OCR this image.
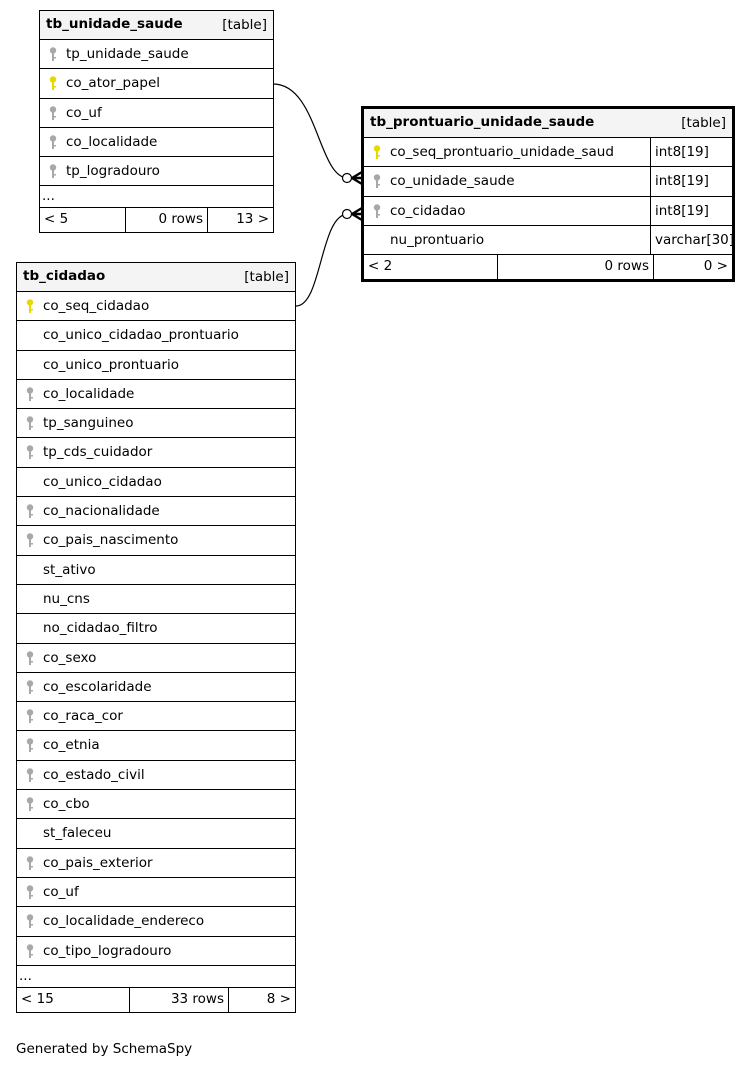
tb_unidade_saude	[table]
tp_unidade_saude
co_ator_papel
co_uf
co_localidade
tp_logradouro
...
< 5	0 rows	13 >
tb_prontuario_unidade_saude	[table]
co_seq_prontuario_unidade_saud	int8[19]
co_unidade_saude	int8[19]
co_cidadao	int8[19]
nu_prontuario	varchar[30]
< 2	0 rows	0 >
tb_cidadao	[table]
co_seq_cidadao
co_unico_cidadao_prontuario
co_unico_prontuario
co_localidade
tp_sanguineo
tp_cds_cuidador
co_unico_cidadao
co_nacionalidade
co_pais_nascimento
st_ativo
nu_cns
no_cidadao_filtro
co_sexo
co_escolaridade
co_raca_cor
co_etnia
co_estado_civil
co_cbo
st_faleceu
co_pais_exterior
co_uf
co_localidade_endereco
co_tipo_logradouro
...
< 15	33 rows	8 >
Generated by SchemaSpy
